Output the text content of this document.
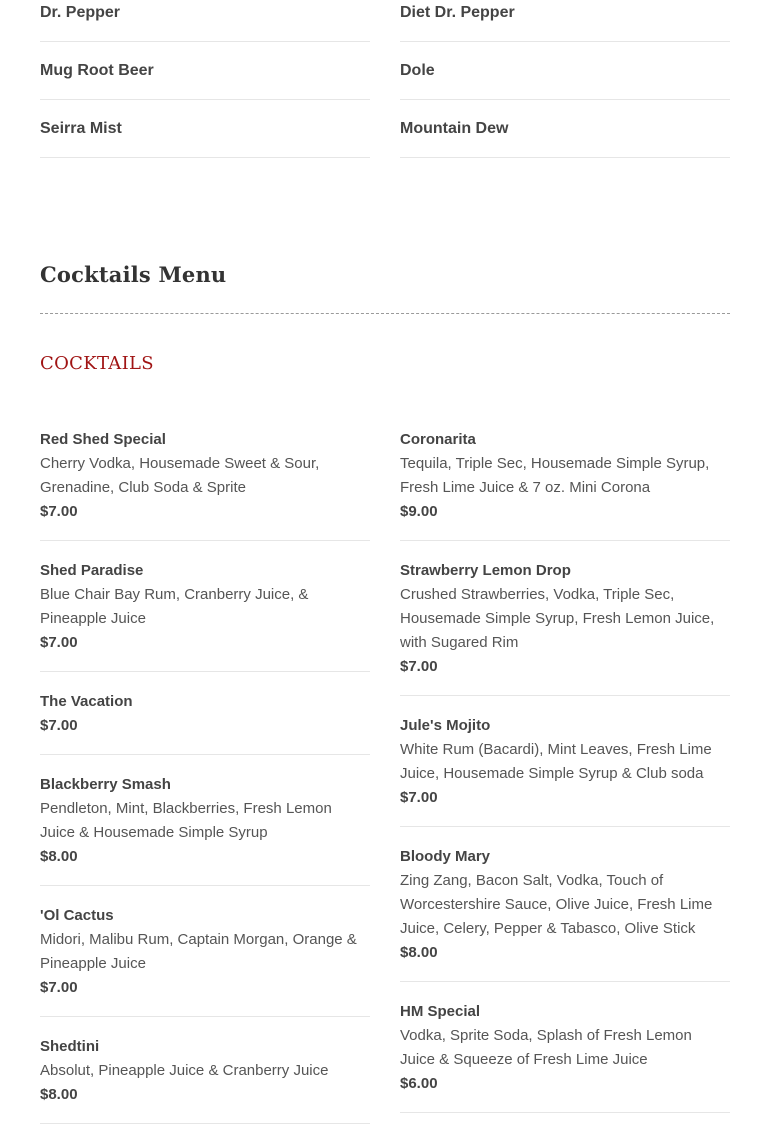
Dr. Pepper
Mug Root Beer
Seirra Mist
Diet Dr. Pepper
Dole
Mountain Dew
Cocktails Menu
COCKTAILS
Red Shed Special
Cherry Vodka, Housemade Sweet & Sour, Grenadine, Club Soda & Sprite
$7.00
Shed Paradise
Blue Chair Bay Rum, Cranberry Juice, & Pineapple Juice
$7.00
The Vacation
$7.00
Blackberry Smash
Pendleton, Mint, Blackberries, Fresh Lemon Juice & Housemade Simple Syrup
$8.00
'Ol Cactus
Midori, Malibu Rum, Captain Morgan, Orange & Pineapple Juice
$7.00
Shedtini
Absolut, Pineapple Juice & Cranberry Juice
$8.00
Coronarita
Tequila, Triple Sec, Housemade Simple Syrup, Fresh Lime Juice & 7 oz. Mini Corona
$9.00
Strawberry Lemon Drop
Crushed Strawberries, Vodka, Triple Sec, Housemade Simple Syrup, Fresh Lemon Juice, with Sugared Rim
$7.00
Jule's Mojito
White Rum (Bacardi), Mint Leaves, Fresh Lime Juice, Housemade Simple Syrup & Club soda
$7.00
Bloody Mary
Zing Zang, Bacon Salt, Vodka, Touch of Worcestershire Sauce, Olive Juice, Fresh Lime Juice, Celery, Pepper & Tabasco, Olive Stick
$8.00
HM Special
Vodka, Sprite Soda, Splash of Fresh Lemon Juice & Squeeze of Fresh Lime Juice
$6.00
